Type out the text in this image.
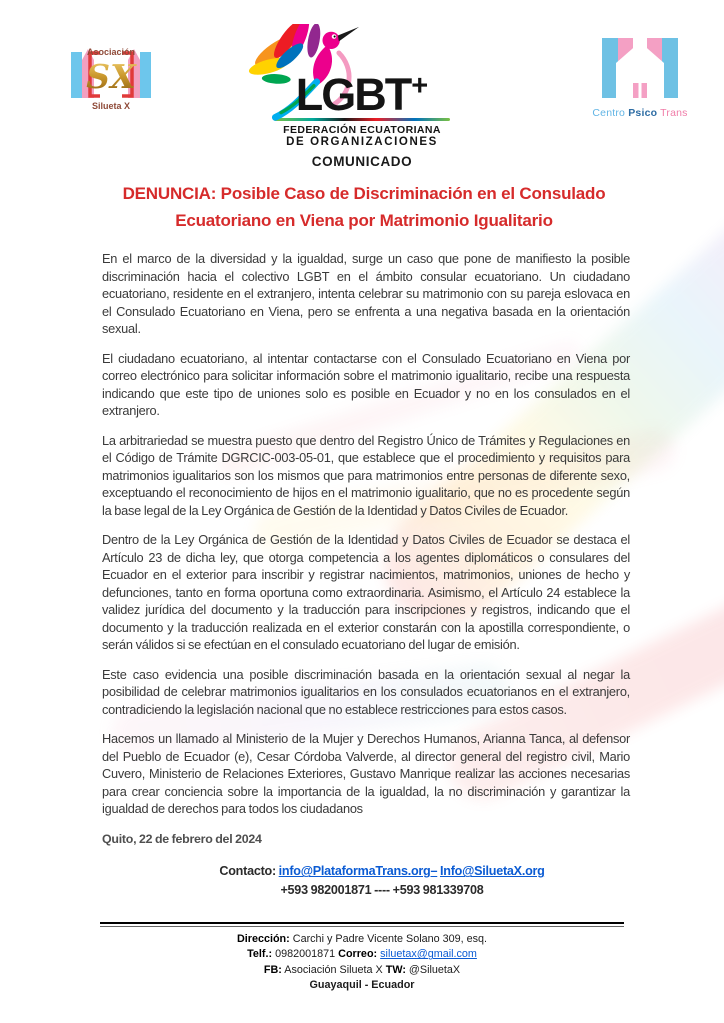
Asociación
SX
Silueta X	LGBT+
FEDERACIÓN ECUATORIANA
DE ORGANIZACIONES
COMUNICADO
Centro Psico Trans
DENUNCIA: Posible Caso de Discriminación en el Consulado
Ecuatoriano en Viena por Matrimonio Igualitario

En el marco de la diversidad y la igualdad, surge un caso que pone de manifiesto la posible discriminación hacia el colectivo LGBT en el ámbito consular ecuatoriano. Un ciudadano ecuatoriano, residente en el extranjero, intenta celebrar su matrimonio con su pareja eslovaca en el Consulado Ecuatoriano en Viena, pero se enfrenta a una negativa basada en la orientación sexual.

El ciudadano ecuatoriano, al intentar contactarse con el Consulado Ecuatoriano en Viena por correo electrónico para solicitar información sobre el matrimonio igualitario, recibe una respuesta indicando que este tipo de uniones solo es posible en Ecuador y no en los consulados en el extranjero.

La arbitrariedad se muestra puesto que dentro del Registro Único de Trámites y Regulaciones en el Código de Trámite DGRCIC-003-05-01, que establece que el procedimiento y requisitos para matrimonios igualitarios son los mismos que para matrimonios entre personas de diferente sexo, exceptuando el reconocimiento de hijos en el matrimonio igualitario, que no es procedente según la base legal de la Ley Orgánica de Gestión de la Identidad y Datos Civiles de Ecuador.

Dentro de la Ley Orgánica de Gestión de la Identidad y Datos Civiles de Ecuador se destaca el Artículo 23 de dicha ley, que otorga competencia a los agentes diplomáticos o consulares del Ecuador en el exterior para inscribir y registrar nacimientos, matrimonios, uniones de hecho y defunciones, tanto en forma oportuna como extraordinaria. Asimismo, el Artículo 24 establece la validez jurídica del documento y la traducción para inscripciones y registros, indicando que el documento y la traducción realizada en el exterior constarán con la apostilla correspondiente, o serán válidos si se efectúan en el consulado ecuatoriano del lugar de emisión.

Este caso evidencia una posible discriminación basada en la orientación sexual al negar la posibilidad de celebrar matrimonios igualitarios en los consulados ecuatorianos en el extranjero, contradiciendo la legislación nacional que no establece restricciones para estos casos.

Hacemos un llamado al Ministerio de la Mujer y Derechos Humanos, Arianna Tanca, al defensor del Pueblo de Ecuador (e), Cesar Córdoba Valverde, al director general del registro civil, Mario Cuvero, Ministerio de Relaciones Exteriores, Gustavo Manrique realizar las acciones necesarias para crear conciencia sobre la importancia de la igualdad, la no discriminación y garantizar la igualdad de derechos para todos los ciudadanos

Quito, 22 de febrero del 2024
Contacto: info@PlataformaTrans.org– Info@SiluetaX.org
+593 982001871 ---- +593 981339708
Dirección: Carchi y Padre Vicente Solano 309, esq.
Telf.: 0982001871 Correo: siluetax@gmail.com
FB: Asociación Silueta X TW: @SiluetaX
Guayaquil - Ecuador
